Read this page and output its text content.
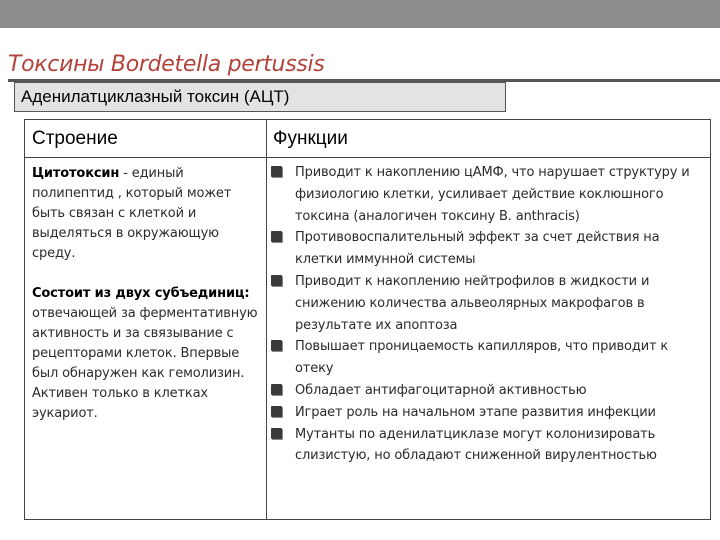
Токсины Bordetella pertussis
Аденилатциклазный токсин (АЦТ)
Строение	Функции

Цитотоксин - единый полипептид , который может быть связан с клеткой и выделяться в окружающую среду.

Состоит из двух субъединиц: отвечающей за ферментативную активность и за связывание с рецепторами клеток. Впервые был обнаружен как гемолизин. Активен только в клетках эукариот.

Приводит к накоплению цАМФ, что нарушает структуру и физиологию клетки, усиливает действие коклюшного токсина (аналогичен токсину B. anthracis)
Противовоспалительный эффект за счет действия на клетки иммунной системы
Приводит к накоплению нейтрофилов в жидкости и снижению количества альвеолярных макрофагов в результате их апоптоза
Повышает проницаемость капилляров, что приводит к отеку
Обладает антифагоцитарной активностью
Играет роль на начальном этапе развития инфекции
Мутанты по аденилатциклазе могут колонизировать слизистую, но обладают сниженной вирулентностью
